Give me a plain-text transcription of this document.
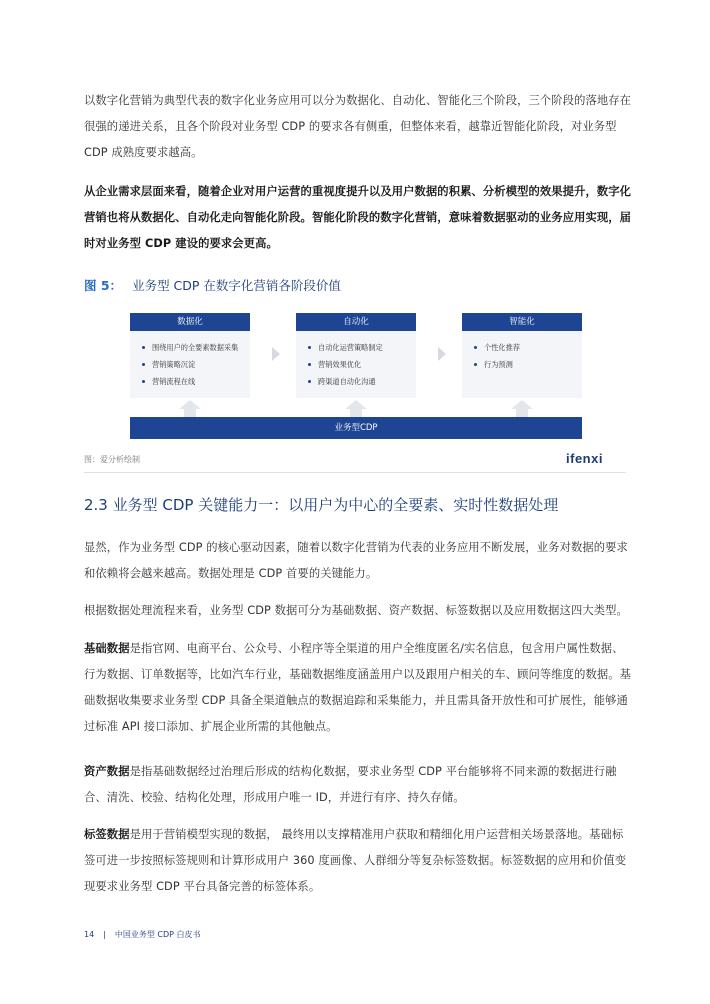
以数字化营销为典型代表的数字化业务应用可以分为数据化、自动化、智能化三个阶段，三个阶段的落地存在很强的递进关系，且各个阶段对业务型 CDP 的要求各有侧重，但整体来看，越靠近智能化阶段，对业务型 CDP 成熟度要求越高。

从企业需求层面来看，随着企业对用户运营的重视度提升以及用户数据的积累、分析模型的效果提升，数字化营销也将从数据化、自动化走向智能化阶段。智能化阶段的数字化营销，意味着数据驱动的业务应用实现，届时对业务型 CDP 建设的要求会更高。

图 5： 业务型 CDP 在数字化营销各阶段价值

数据化
围绕用户的全要素数据采集
营销策略沉淀
营销流程在线
自动化
自动化运营策略制定
营销效果优化
跨渠道自动化沟通
智能化
个性化推荐
行为预测
业务型CDP

图：爱分析绘制	ifenxi
2.3 业务型 CDP 关键能力一：以用户为中心的全要素、实时性数据处理

显然，作为业务型 CDP 的核心驱动因素，随着以数字化营销为代表的业务应用不断发展，业务对数据的要求和依赖将会越来越高。数据处理是 CDP 首要的关键能力。

根据数据处理流程来看，业务型 CDP 数据可分为基础数据、资产数据、标签数据以及应用数据这四大类型。

基础数据是指官网、电商平台、公众号、小程序等全渠道的用户全维度匿名/实名信息，包含用户属性数据、行为数据、订单数据等，比如汽车行业，基础数据维度涵盖用户以及跟用户相关的车、顾问等维度的数据。基础数据收集要求业务型 CDP 具备全渠道触点的数据追踪和采集能力，并且需具备开放性和可扩展性，能够通过标准 API 接口添加、扩展企业所需的其他触点。

资产数据是指基础数据经过治理后形成的结构化数据，要求业务型 CDP 平台能够将不同来源的数据进行融合、清洗、校验、结构化处理，形成用户唯一 ID，并进行有序、持久存储。

标签数据是用于营销模型实现的数据， 最终用以支撑精准用户获取和精细化用户运营相关场景落地。基础标签可进一步按照标签规则和计算形成用户 360 度画像、人群细分等复杂标签数据。标签数据的应用和价值变现要求业务型 CDP 平台具备完善的标签体系。

14 | 中国业务型 CDP 白皮书
